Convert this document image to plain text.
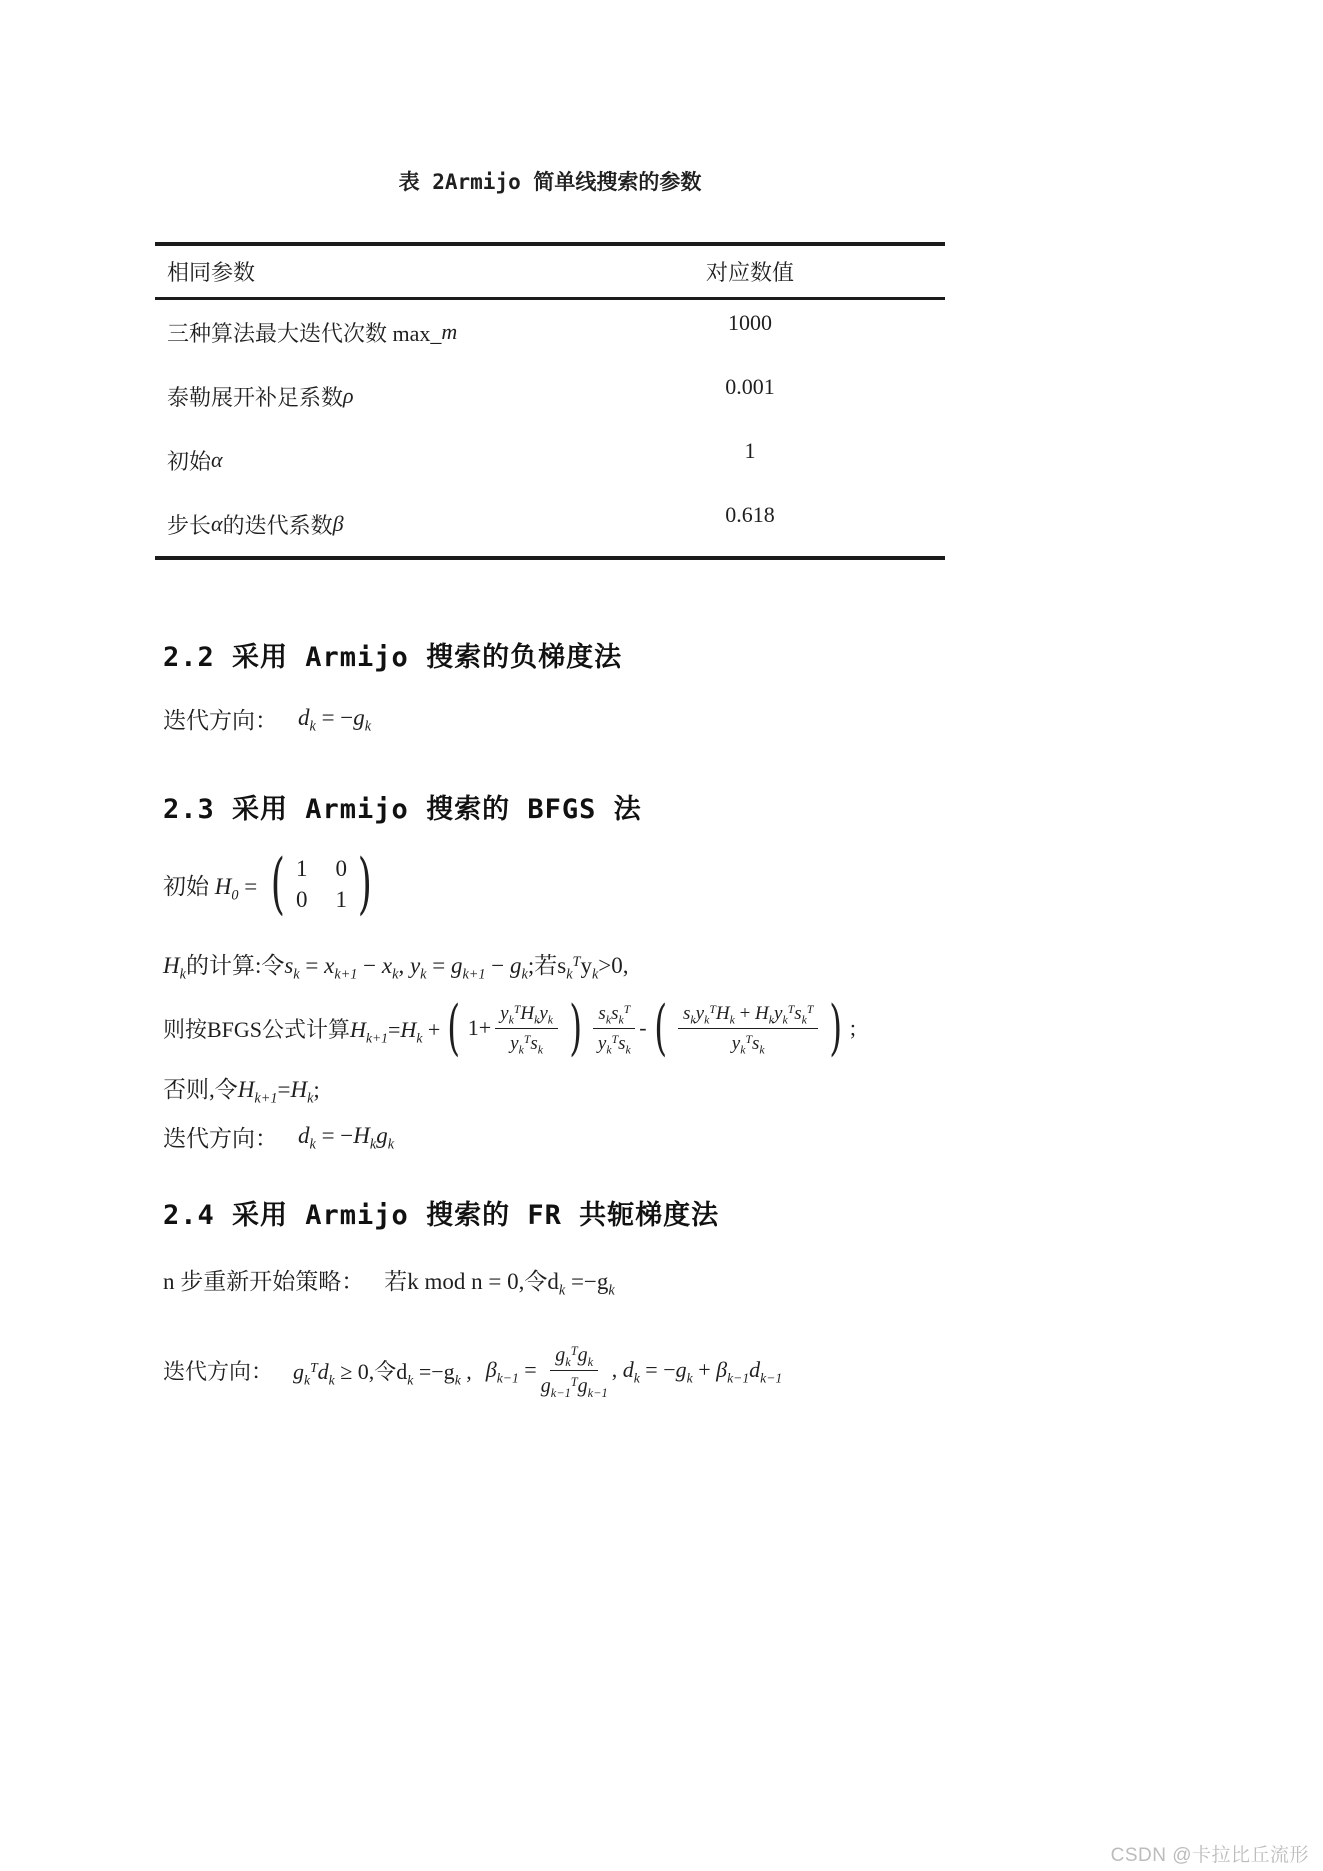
表 2Armijo 简单线搜索的参数
相同参数	对应数值
三种算法最大迭代次数 max_ m	1000
泰勒展开补足系数 ρ	0.001
初始 α	1
步长 α 的迭代系数 β	0.618
2.2 采用 Armijo 搜索的负梯度法
迭代方向： $d_k = -g_k$
2.3 采用 Armijo 搜索的 BFGS 法
初始 $H_0$ = ( 1 0
0 1 )
$H_k$的计算:令$s_k = x_{k+1} - x_k$, $y_k = g_{k+1} - g_k$;若$s_k^Ty_k>0$,
则按BFGS公式计算$H_{k+1}=H_k$ + ( $1+ \frac{y_k^TH_ky_k}{y_k^Ts_k}$ ) $\frac{s_ks_k^T}{y_k^Ts_k}$ - ( $\frac{s_ky_k^TH_k + H_ky_k^Ts_k^T}{y_k^Ts_k}$ ) ;
否则,令$H_{k+1}=H_k$;
迭代方向： $d_k = -H_kg_k$
2.4 采用 Armijo 搜索的 FR 共轭梯度法
n 步重新开始策略： 若k mod n = 0,令$d_k =-g_k$
迭代方向： $g_k^Td_k \ge 0$,令$d_k =-g_k$ , $\beta_{k-1} = \frac{g_k^Tg_k}{g_{k-1}^Tg_{k-1}}$ , $d_k = -g_k + \beta_{k-1}d_{k-1}$
CSDN @卡拉比丘流形
